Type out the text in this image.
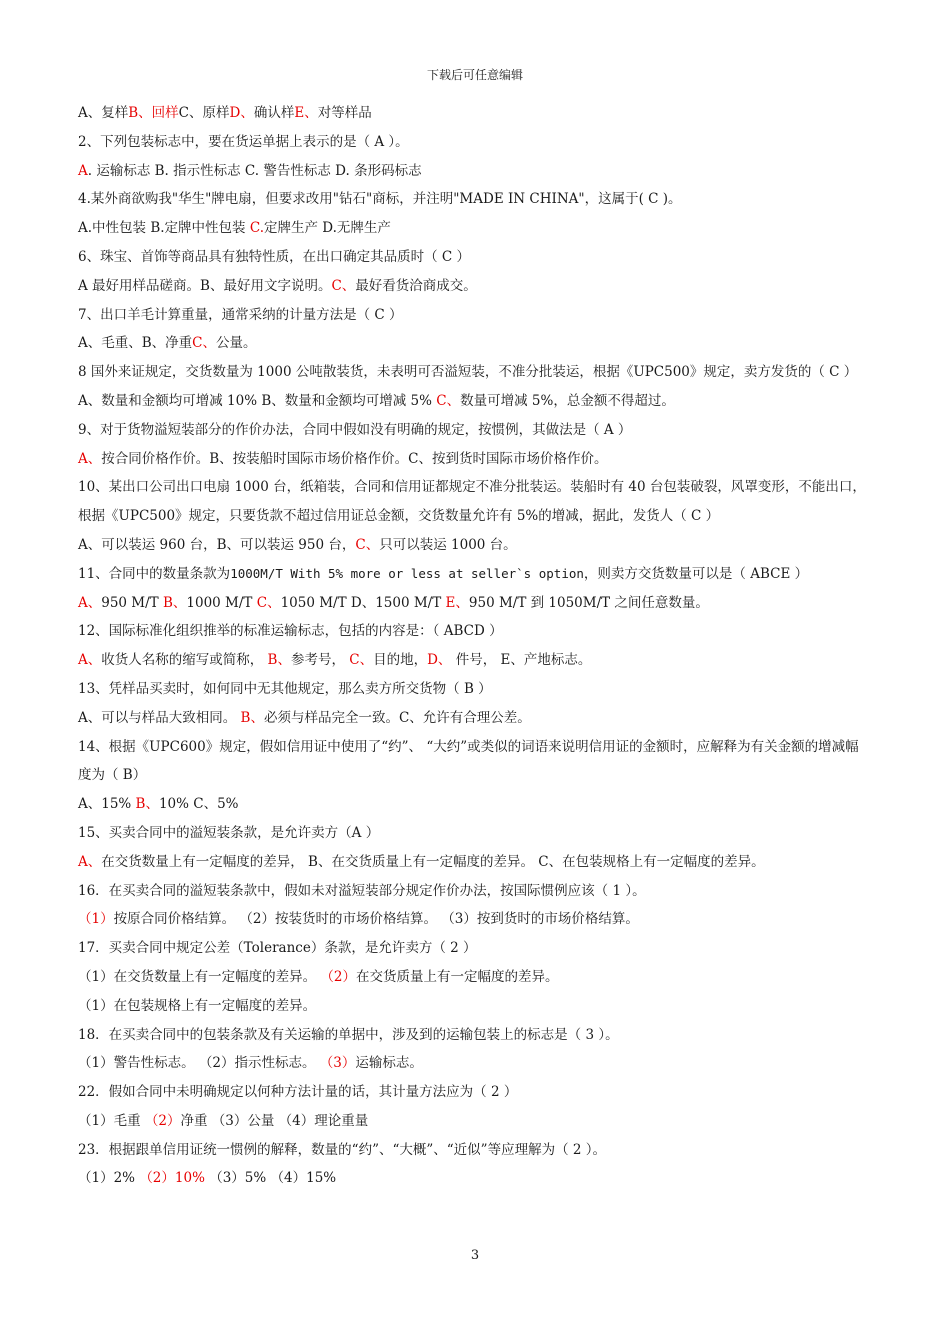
下载后可任意编辑

A、复样B、回样C、原样D、确认样E、对等样品

2、下列包装标志中，要在货运单据上表示的是（ A ）。

A. 运输标志 B. 指示性标志 C. 警告性标志 D. 条形码标志

4.某外商欲购我"华生"牌电扇，但要求改用"钻石"商标，并注明"MADE IN CHINA"，这属于( C )。

A.中性包装 B.定牌中性包装 C.定牌生产 D.无牌生产

6、珠宝、首饰等商品具有独特性质，在出口确定其品质时（ C ）

A 最好用样品磋商。B、最好用文字说明。C、最好看货洽商成交。

7、出口羊毛计算重量，通常采纳的计量方法是（ C ）

A、毛重、B、净重C、公量。

8 国外来证规定，交货数量为 1000 公吨散装货，未表明可否溢短装，不准分批装运，根据《UPC500》规定，卖方发货的（ C ）

A、数量和金额均可增减 10% B、数量和金额均可增减 5% C、数量可增减 5%，总金额不得超过。

9、对于货物溢短装部分的作价办法，合同中假如没有明确的规定，按惯例，其做法是（ A ）

A、按合同价格作价。B、按装船时国际市场价格作价。C、按到货时国际市场价格作价。

10、某出口公司出口电扇 1000 台，纸箱装，合同和信用证都规定不准分批装运。装船时有 40 台包装破裂，风罩变形，不能出口，根据《UPC500》规定，只要货款不超过信用证总金额，交货数量允许有 5%的增减，据此，发货人（ C ）

A、可以装运 960 台，B、可以装运 950 台，C、只可以装运 1000 台。

11、合同中的数量条款为1000M/T With 5% more or less at seller`s option，则卖方交货数量可以是（ ABCE ）

A、950 M/T B、1000 M/T C、1050 M/T D、1500 M/T E、950 M/T 到 1050M/T 之间任意数量。

12、国际标准化组织推举的标准运输标志，包括的内容是：（ ABCD ）

A、收货人名称的缩写或简称， B、参考号， C、目的地，D、 件号， E、产地标志。

13、凭样品买卖时，如何同中无其他规定，那么卖方所交货物（ B ）

A、可以与样品大致相同。 B、必须与样品完全一致。C、允许有合理公差。

14、根据《UPC600》规定，假如信用证中使用了“约”、 “大约”或类似的词语来说明信用证的金额时，应解释为有关金额的增减幅度为（ B）

A、15% B、10% C、5%

15、买卖合同中的溢短装条款，是允许卖方（A ）

A、在交货数量上有一定幅度的差异， B、在交货质量上有一定幅度的差异。 C、在包装规格上有一定幅度的差异。

16．在买卖合同的溢短装条款中，假如未对溢短装部分规定作价办法，按国际惯例应该（ 1 ）。

（1）按原合同价格结算。 （2）按装货时的市场价格结算。 （3）按到货时的市场价格结算。

17．买卖合同中规定公差（Tolerance）条款，是允许卖方（ 2 ）

（1）在交货数量上有一定幅度的差异。 （2）在交货质量上有一定幅度的差异。

（1）在包装规格上有一定幅度的差异。

18．在买卖合同中的包装条款及有关运输的单据中，涉及到的运输包装上的标志是（ 3 ）。

（1）警告性标志。 （2）指示性标志。 （3）运输标志。

22．假如合同中未明确规定以何种方法计量的话，其计量方法应为（ 2 ）

（1）毛重 （2）净重 （3）公量 （4）理论重量

23．根据跟单信用证统一惯例的解释，数量的“约”、“大概”、“近似”等应理解为（ 2 ）。

（1）2% （2）10% （3）5% （4）15%

3
